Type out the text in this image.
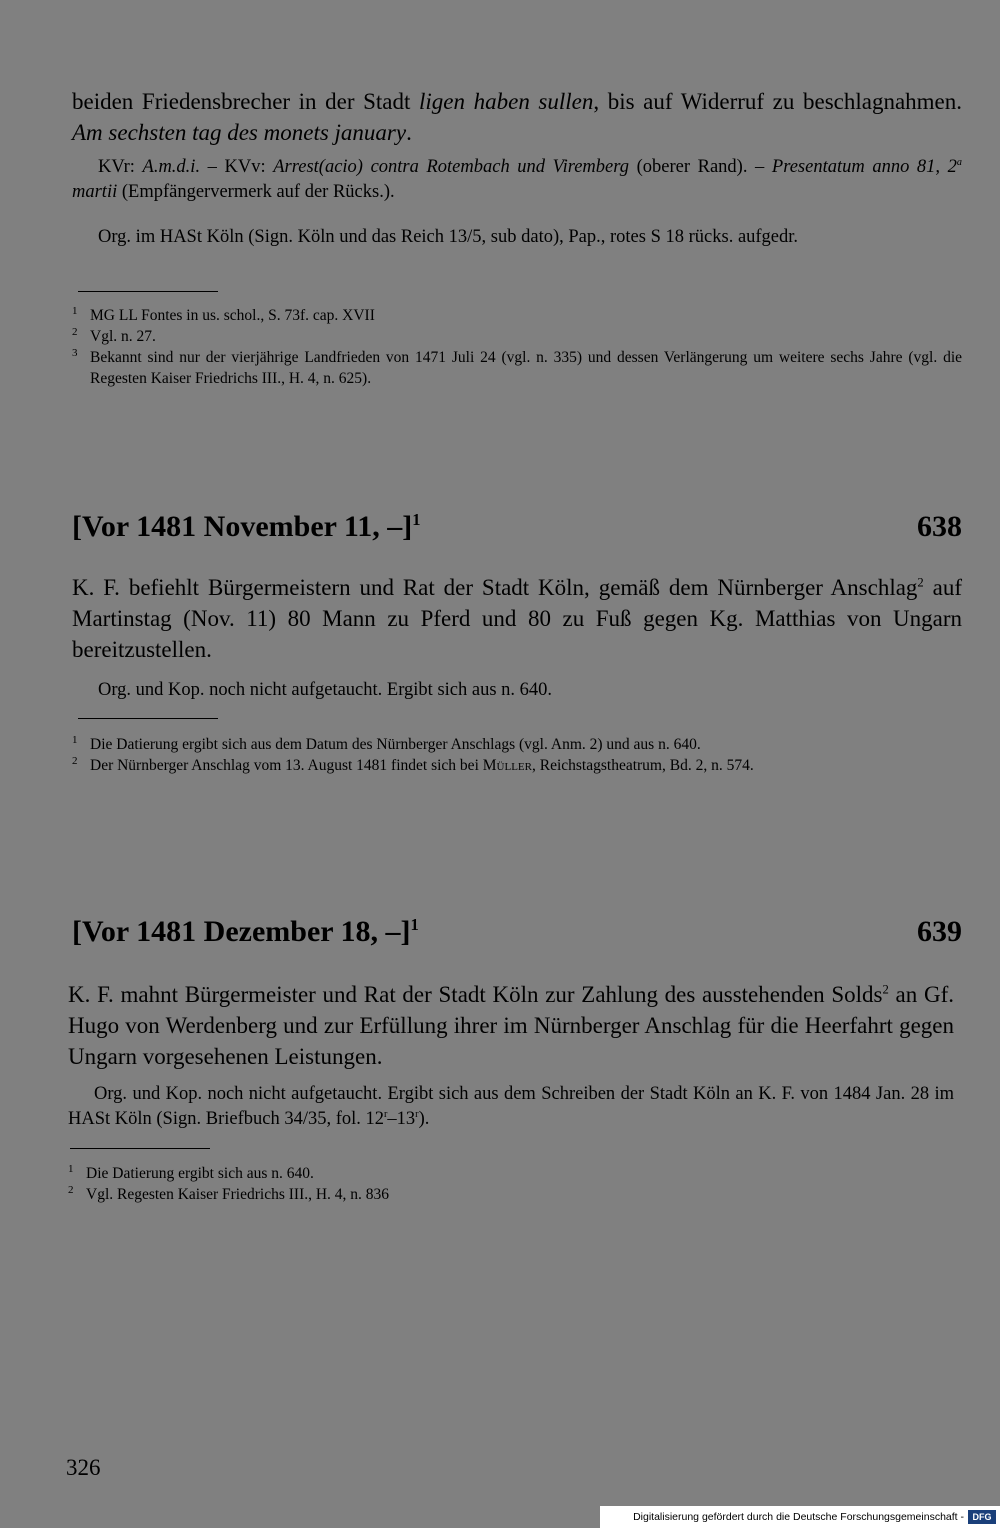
beiden Friedensbrecher in der Stadt ligen haben sullen, bis auf Widerruf zu beschlagnahmen. Am sechsten tag des monets january.
KVr: A.m.d.i. – KVv: Arrest(acio) contra Rotembach und Viremberg (oberer Rand). – Presentatum anno 81, 2$^a$ martii (Empfängervermerk auf der Rücks.).
Org. im HASt Köln (Sign. Köln und das Reich 13/5, sub dato), Pap., rotes S 18 rücks. aufgedr.
1 MG LL Fontes in us. schol., S. 73f. cap. XVII
2 Vgl. n. 27.
3 Bekannt sind nur der vierjährige Landfrieden von 1471 Juli 24 (vgl. n. 335) und dessen Verlängerung um weitere sechs Jahre (vgl. die Regesten Kaiser Friedrichs III., H. 4, n. 625).
[Vor 1481 November 11, –]$^1$	638
K. F. befiehlt Bürgermeistern und Rat der Stadt Köln, gemäß dem Nürnberger Anschlag$^2$ auf Martinstag (Nov. 11) 80 Mann zu Pferd und 80 zu Fuß gegen Kg. Matthias von Ungarn bereitzustellen.
Org. und Kop. noch nicht aufgetaucht. Ergibt sich aus n. 640.
1 Die Datierung ergibt sich aus dem Datum des Nürnberger Anschlags (vgl. Anm. 2) und aus n. 640.
2 Der Nürnberger Anschlag vom 13. August 1481 findet sich bei Müller, Reichstagstheatrum, Bd. 2, n. 574.
[Vor 1481 Dezember 18, –]$^1$	639
K. F. mahnt Bürgermeister und Rat der Stadt Köln zur Zahlung des ausstehenden Solds$^2$ an Gf. Hugo von Werdenberg und zur Erfüllung ihrer im Nürnberger Anschlag für die Heerfahrt gegen Ungarn vorgesehenen Leistungen.
Org. und Kop. noch nicht aufgetaucht. Ergibt sich aus dem Schreiben der Stadt Köln an K. F. von 1484 Jan. 28 im HASt Köln (Sign. Briefbuch 34/35, fol. 12$^r$–13$^r$).
1 Die Datierung ergibt sich aus n. 640.
2 Vgl. Regesten Kaiser Friedrichs III., H. 4, n. 836
326
Digitalisierung gefördert durch die Deutsche Forschungsgemeinschaft - DFG
